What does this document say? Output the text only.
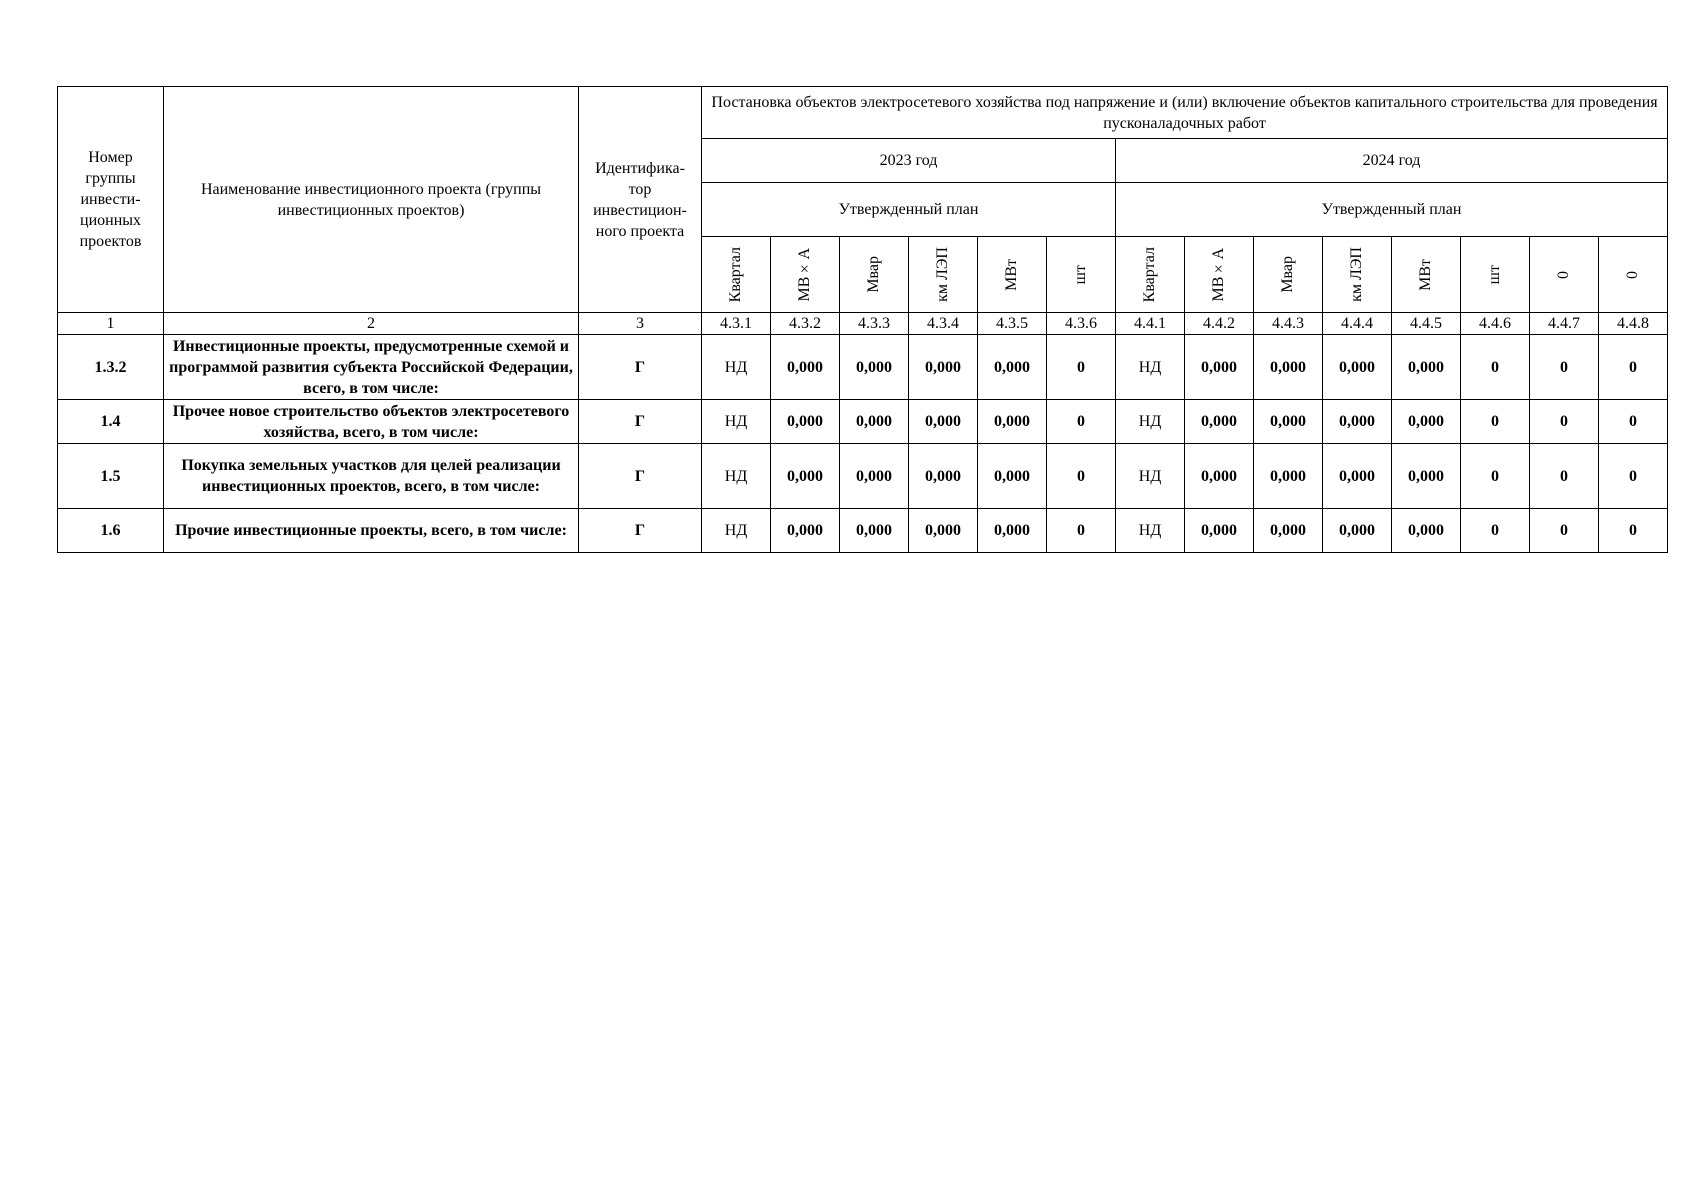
Номер группы инвести-ционных проектов	Наименование инвестиционного проекта (группы инвестиционных проектов)	Идентифика-тор инвестицион-ного проекта	Постановка объектов электросетевого хозяйства под напряжение и (или) включение объектов капитального строительства для проведения пусконаладочных работ													
			2023 год						2024 год							
			Утвержденный план						Утвержденный план							

			Квартал	МВ×А	Мвар	км ЛЭП	МВт	шт	Квартал	МВ×А	Мвар	км ЛЭП	МВт	шт	0	0

1	2	3	4.3.1	4.3.2	4.3.3	4.3.4	4.3.5	4.3.6	4.4.1	4.4.2	4.4.3	4.4.4	4.4.5	4.4.6	4.4.7	4.4.8
1.3.2	Инвестиционные проекты, предусмотренные схемой и программой развития субъекта Российской Федерации, всего, в том числе:	Г	НД	0,000	0,000	0,000	0,000	0	НД	0,000	0,000	0,000	0,000	0	0	0
1.4	Прочее новое строительство объектов электросетевого хозяйства, всего, в том числе:	Г	НД	0,000	0,000	0,000	0,000	0	НД	0,000	0,000	0,000	0,000	0	0	0
1.5	Покупка земельных участков для целей реализации инвестиционных проектов, всего, в том числе:	Г	НД	0,000	0,000	0,000	0,000	0	НД	0,000	0,000	0,000	0,000	0	0	0
1.6	Прочие инвестиционные проекты, всего, в том числе:	Г	НД	0,000	0,000	0,000	0,000	0	НД	0,000	0,000	0,000	0,000	0	0	0
